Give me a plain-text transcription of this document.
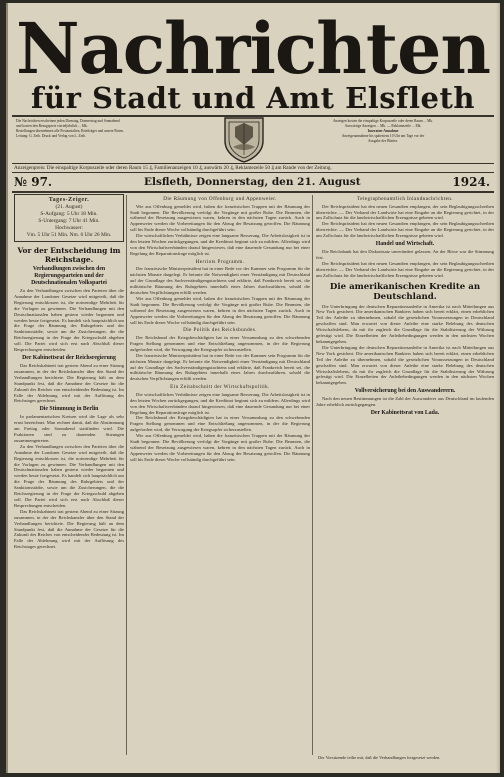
Nachrichten
für Stadt und Amt Elsfleth
Die Nachrichten erscheinen jeden Dienstag, Donnerstag und Sonnabend
und kosten den Bezugspreis vierteljährlich ... Mk.
Bestellungen übernehmen alle Postanstalten, Briefträger und unsere Boten.
Leitung: G. Zeih. Druck und Verlag von L. Zeih.
Anzeigen kosten die einspaltige Korpuszeile oder deren Raum ... Mk.
Auswärtige Anzeigen ... Mk. — Reklamezeile ... Mk.
Inseraten-Annahme
Anzeigenannahme bis spätestens 10 Uhr am Tage vor der
Ausgabe des Blattes.
Anzeigenpreis: Die einspaltige Korpuszeile oder deren Raum 15 ₰, Familienanzeigen 10 ₰, auswärts 20 ₰, Reklamezeile 50 ₰ am Rande von der Zeitung.
№ 97.	Elsfleth, Donnerstag, den 21. August	1924.
Tages-Zeiger.
(21. August)
S-Aufgang: 5 Uhr 18 Min.
S-Untergang: 7 Uhr 41 Min.
Hochwasser:
Vm. 5 Uhr 51 Min. Nm. 6 Uhr 26 Min.
Vor der Entscheidung im Reichstage.
Verhandlungen zwischen den Regierungsparteien und der Deutschnationalen Volkspartei
Zu den Verhandlungen zwischen den Parteien über die Annahme der Londoner Gesetze wird mitgeteilt, daß die Regierung entschlossen ist, die notwendige Mehrheit für die Vorlagen zu gewinnen. Die Verhandlungen mit den Deutschnationalen haben gestern wieder begonnen und werden heute fortgesetzt. Es handelt sich hauptsächlich um die Frage der Räumung des Ruhrgebiets und der Sanktionsstädte, sowie um die Zusicherungen, die die Reichsregierung in der Frage der Kriegsschuld abgeben soll. Die Partei wird sich erst nach Abschluß dieser Besprechungen entscheiden.
Der Kabinettsrat der Reichsregierung
Das Reichskabinett trat gestern Abend zu einer Sitzung zusammen, in der der Reichskanzler über den Stand der Verhandlungen berichtete. Die Regierung hält an dem Standpunkt fest, daß die Annahme der Gesetze für die Zukunft des Reiches von entscheidender Bedeutung ist. Im Falle der Ablehnung wird mit der Auflösung des Reichstages gerechnet.
Die Stimmung in Berlin
In parlamentarischen Kreisen wird die Lage als sehr ernst bezeichnet. Man rechnet damit, daß die Abstimmung am Freitag oder Sonnabend stattfinden wird. Die Fraktionen sind zu dauernden Sitzungen zusammengetreten.
Zu den Verhandlungen zwischen den Parteien über die Annahme der Londoner Gesetze wird mitgeteilt, daß die Regierung entschlossen ist, die notwendige Mehrheit für die Vorlagen zu gewinnen. Die Verhandlungen mit den Deutschnationalen haben gestern wieder begonnen und werden heute fortgesetzt. Es handelt sich hauptsächlich um die Frage der Räumung des Ruhrgebiets und der Sanktionsstädte, sowie um die Zusicherungen, die die Reichsregierung in der Frage der Kriegsschuld abgeben soll. Die Partei wird sich erst nach Abschluß dieser Besprechungen entscheiden.
Das Reichskabinett trat gestern Abend zu einer Sitzung zusammen, in der der Reichskanzler über den Stand der Verhandlungen berichtete. Die Regierung hält an dem Standpunkt fest, daß die Annahme der Gesetze für die Zukunft des Reiches von entscheidender Bedeutung ist. Im Falle der Ablehnung wird mit der Auflösung des Reichstages gerechnet.
Die Räumung von Offenburg und Appenweier.
Wie aus Offenburg gemeldet wird, haben die französischen Truppen mit der Räumung der Stadt begonnen. Die Bevölkerung verfolgt die Vorgänge mit großer Ruhe. Die Beamten, die während der Besetzung ausgewiesen waren, kehren in den nächsten Tagen zurück. Auch in Appenweier werden die Vorbereitungen für den Abzug der Besatzung getroffen. Die Räumung soll bis Ende dieser Woche vollständig durchgeführt sein.
Die wirtschaftlichen Verhältnisse zeigen eine langsame Besserung. Die Arbeitslosigkeit ist in den letzten Wochen zurückgegangen, und die Kreditnot beginnt sich zu mildern. Allerdings wird von den Wirtschaftsverbänden darauf hingewiesen, daß eine dauernde Gesundung nur bei einer Regelung der Reparationsfrage möglich ist.
Herriots Programm.
Der französische Ministerpräsident hat in einer Rede vor der Kammer sein Programm für die nächsten Monate dargelegt. Er betonte die Notwendigkeit einer Verständigung mit Deutschland auf der Grundlage des Sachverständigengutachtens und erklärte, daß Frankreich bereit sei, die militärische Räumung des Ruhrgebiets innerhalb eines Jahres durchzuführen, sobald die deutschen Verpflichtungen erfüllt werden.
Wie aus Offenburg gemeldet wird, haben die französischen Truppen mit der Räumung der Stadt begonnen. Die Bevölkerung verfolgt die Vorgänge mit großer Ruhe. Die Beamten, die während der Besetzung ausgewiesen waren, kehren in den nächsten Tagen zurück. Auch in Appenweier werden die Vorbereitungen für den Abzug der Besatzung getroffen. Die Räumung soll bis Ende dieser Woche vollständig durchgeführt sein.
Die Politik des Reichsbundes.
Der Reichsbund der Kriegsbeschädigten hat in einer Versammlung zu den schwebenden Fragen Stellung genommen und eine Entschließung angenommen, in der die Regierung aufgefordert wird, die Versorgung der Kriegsopfer sicherzustellen.
Der französische Ministerpräsident hat in einer Rede vor der Kammer sein Programm für die nächsten Monate dargelegt. Er betonte die Notwendigkeit einer Verständigung mit Deutschland auf der Grundlage des Sachverständigengutachtens und erklärte, daß Frankreich bereit sei, die militärische Räumung des Ruhrgebiets innerhalb eines Jahres durchzuführen, sobald die deutschen Verpflichtungen erfüllt werden.
Ein Zeitabschnitt der Wirtschaftspolitik.
Die wirtschaftlichen Verhältnisse zeigen eine langsame Besserung. Die Arbeitslosigkeit ist in den letzten Wochen zurückgegangen, und die Kreditnot beginnt sich zu mildern. Allerdings wird von den Wirtschaftsverbänden darauf hingewiesen, daß eine dauernde Gesundung nur bei einer Regelung der Reparationsfrage möglich ist.
Der Reichsbund der Kriegsbeschädigten hat in einer Versammlung zu den schwebenden Fragen Stellung genommen und eine Entschließung angenommen, in der die Regierung aufgefordert wird, die Versorgung der Kriegsopfer sicherzustellen.
Wie aus Offenburg gemeldet wird, haben die französischen Truppen mit der Räumung der Stadt begonnen. Die Bevölkerung verfolgt die Vorgänge mit großer Ruhe. Die Beamten, die während der Besetzung ausgewiesen waren, kehren in den nächsten Tagen zurück. Auch in Appenweier werden die Vorbereitungen für den Abzug der Besatzung getroffen. Die Räumung soll bis Ende dieser Woche vollständig durchgeführt sein.
Telegraphenamtlich Inlandnachrichten.
Der Reichspräsident hat den neuen Gesandten empfangen, der sein Beglaubigungsschreiben überreichte. — Der Verband der Landwirte hat eine Eingabe an die Regierung gerichtet, in der um Zollschutz für die landwirtschaftlichen Erzeugnisse gebeten wird.
Der Reichspräsident hat den neuen Gesandten empfangen, der sein Beglaubigungsschreiben überreichte. — Der Verband der Landwirte hat eine Eingabe an die Regierung gerichtet, in der um Zollschutz für die landwirtschaftlichen Erzeugnisse gebeten wird.
Handel und Wirtschaft.
Die Reichsbank hat den Diskontsatz unverändert gelassen. An der Börse war die Stimmung fest.
Der Reichspräsident hat den neuen Gesandten empfangen, der sein Beglaubigungsschreiben überreichte. — Der Verband der Landwirte hat eine Eingabe an die Regierung gerichtet, in der um Zollschutz für die landwirtschaftlichen Erzeugnisse gebeten wird.
Die amerikanischen Kredite an Deutschland.
Die Unterbringung der deutschen Reparationsanleihe in Amerika ist nach Mitteilungen aus New York gesichert. Die amerikanischen Bankiers haben sich bereit erklärt, einen erheblichen Teil der Anleihe zu übernehmen, sobald die gesetzlichen Voraussetzungen in Deutschland geschaffen sind. Man erwartet von dieser Anleihe eine starke Belebung des deutschen Wirtschaftslebens, da mit ihr zugleich die Grundlage für die Stabilisierung der Währung gefestigt wird. Die Einzelheiten der Anleihebedingungen werden in den nächsten Wochen bekanntgegeben.
Die Unterbringung der deutschen Reparationsanleihe in Amerika ist nach Mitteilungen aus New York gesichert. Die amerikanischen Bankiers haben sich bereit erklärt, einen erheblichen Teil der Anleihe zu übernehmen, sobald die gesetzlichen Voraussetzungen in Deutschland geschaffen sind. Man erwartet von dieser Anleihe eine starke Belebung des deutschen Wirtschaftslebens, da mit ihr zugleich die Grundlage für die Stabilisierung der Währung gefestigt wird. Die Einzelheiten der Anleihebedingungen werden in den nächsten Wochen bekanntgegeben.
Vollversicherung bei den Auswanderern.
Nach den neuen Bestimmungen ist die Zahl der Auswanderer aus Deutschland im laufenden Jahre erheblich zurückgegangen.
Der Kabinettsrat von Lada.
Der Vorsitzende teilte mit, daß die Verhandlungen fortgesetzt werden.
